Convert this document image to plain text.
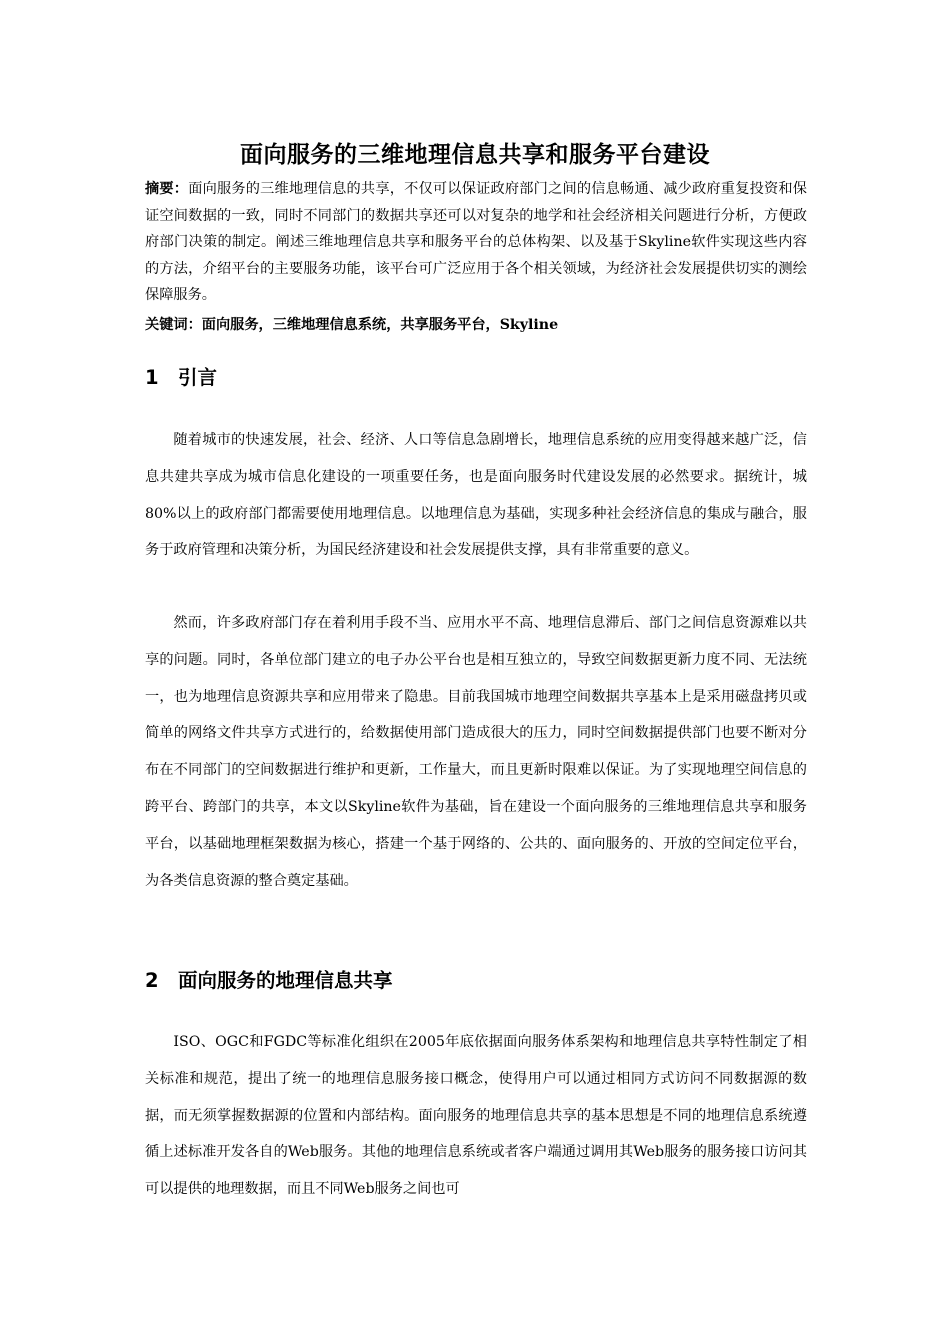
面向服务的三维地理信息共享和服务平台建设
摘要：面向服务的三维地理信息的共享，不仅可以保证政府部门之间的信息畅通、减少政府重复投资和保证空间数据的一致，同时不同部门的数据共享还可以对复杂的地学和社会经济相关问题进行分析，方便政府部门决策的制定。阐述三维地理信息共享和服务平台的总体构架、以及基于Skyline软件实现这些内容的方法，介绍平台的主要服务功能，该平台可广泛应用于各个相关领域，为经济社会发展提供切实的测绘保障服务。
关键词：面向服务，三维地理信息系统，共享服务平台，Skyline
1 引言

随着城市的快速发展，社会、经济、人口等信息急剧增长，地理信息系统的应用变得越来越广泛，信息共建共享成为城市信息化建设的一项重要任务，也是面向服务时代建设发展的必然要求。据统计，城80%以上的政府部门都需要使用地理信息。以地理信息为基础，实现多种社会经济信息的集成与融合，服务于政府管理和决策分析，为国民经济建设和社会发展提供支撑，具有非常重要的意义。

然而，许多政府部门存在着利用手段不当、应用水平不高、地理信息滞后、部门之间信息资源难以共享的问题。同时，各单位部门建立的电子办公平台也是相互独立的，导致空间数据更新力度不同、无法统一，也为地理信息资源共享和应用带来了隐患。目前我国城市地理空间数据共享基本上是采用磁盘拷贝或简单的网络文件共享方式进行的，给数据使用部门造成很大的压力，同时空间数据提供部门也要不断对分布在不同部门的空间数据进行维护和更新，工作量大，而且更新时限难以保证。为了实现地理空间信息的跨平台、跨部门的共享，本文以Skyline软件为基础，旨在建设一个面向服务的三维地理信息共享和服务平台，以基础地理框架数据为核心，搭建一个基于网络的、公共的、面向服务的、开放的空间定位平台，为各类信息资源的整合奠定基础。

2 面向服务的地理信息共享

ISO、OGC和FGDC等标准化组织在2005年底依据面向服务体系架构和地理信息共享特性制定了相关标准和规范，提出了统一的地理信息服务接口概念，使得用户可以通过相同方式访问不同数据源的数据，而无须掌握数据源的位置和内部结构。面向服务的地理信息共享的基本思想是不同的地理信息系统遵循上述标准开发各自的Web服务。其他的地理信息系统或者客户端通过调用其Web服务的服务接口访问其可以提供的地理数据，而且不同Web服务之间也可
